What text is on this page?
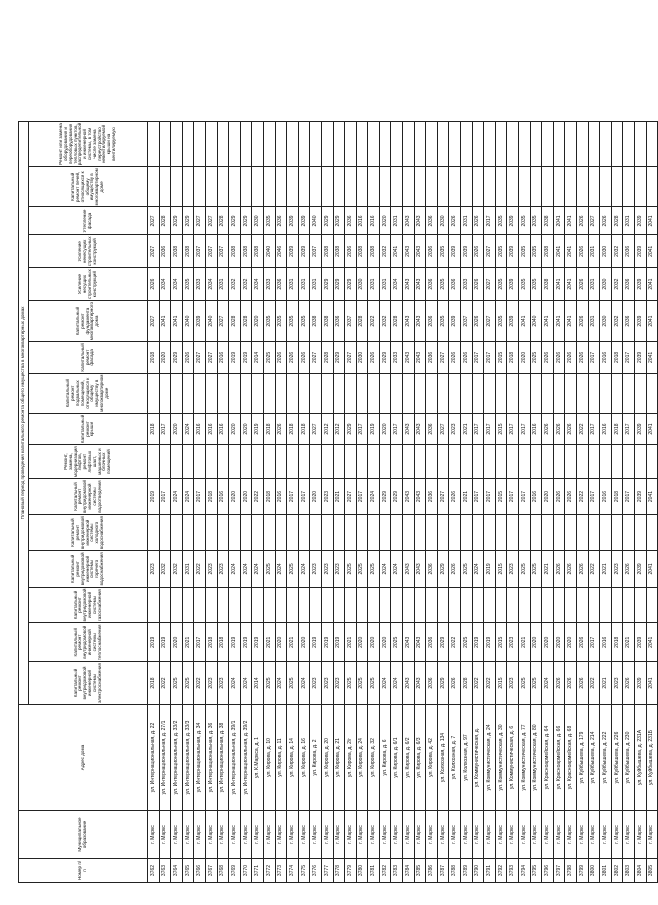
Номер п/п	Муниципальное образование	Адрес дома	Плановый период проведения капитального ремонта общего имущества в многоквартирных домах															
			Капитальный ремонт внутридомовой инженерной системы электроснабжения	Капитальный ремонт внутридомовой инженерной системы теплоснабжения	Капитальный ремонт внутридомовой инженерной системы газоснабжения	Капитальный ремонт внутридомовой инженерной системы горячего водоснабжения	Капитальный ремонт внутридомовой инженерной системы холодного водоснабжения	Капитальный ремонт внутридомовой инженерной системы водоотведения	Ремонт, замена, модернизация лифтов, ремонт лифтовых шахт, машинных и блочных помещений	Капитальный ремонт крыши	Капитальный ремонт подвальных помещений, относящихся к общему имуществу в многоквартирном доме	Капитальный ремонт фасада	Капитальный ремонт фундамента многоквартирного дома	Усиление несущих строительных конструкций	Усиление ненесущих строительных конструкций	Утепление фасада	Капитальный ремонт печей, относящихся к общему имуществу в многоквартирном доме	Ремонт или замена оборудования и переоборудования тепловых пунктов, распределительной и инженерной системы, в том числе замена переустройство невентилируемой крыши на вентилируемую
3762	г. Маркс	ул. Интернациональная, д. 22	2018	2019		2023		2019		2018		2018	2027	2026	2027	2027		
3763	г. Маркс	ул. Интернациональная, д. 27/1	2022	2019		2032		2017		2017		2020	2041	2034	2036	2028		
3764	г. Маркс	ул. Интернациональная, д. 33/2	2025	2020		2032		2024		2020		2029	2041	2034	2038	2029		
3765	г. Маркс	ул. Интернациональная, д. 33/3	2025	2021		2031		2024		2024		2026	2040	2035	2038	2029		
3766	г. Маркс	ул. Интернациональная, д. 34	2022	2017		2022		2017		2016		2027	2039	2033	2037	2027		
3767	г. Маркс	ул. Интернациональная, д. 36	2023	2018		2023		2018		2016		2027	2040	2034	2037	2027		
3768	г. Маркс	ул. Интернациональная, д. 38	2023	2018		2023		2016		2016		2016	2027	2031	2037	2028		
3769	г. Маркс	ул. Интернациональная, д. 39/1	2024	2019		2024		2020		2020		2019	2028	2032	2038	2029		
3770	г. Маркс	ул. Интернациональная, д. 39/2	2024	2019		2024		2020		2020		2019	2028	2032	2038	2029		
3771	г. Маркс	ул. К.Маркса, д. 1	2014	2019		2024		2022		2019		2014	2020	2034	2038	2030		
3772	г. Маркс	ул. Кирова, д. 10	2025	2021		2025		2018		2018		2025	2035	2033	2040	2035		
3773	г. Маркс	ул. Кирова, д. 11	2024	2020		2024		2016		2026		2026	2035	2036	2046	2036		
3774	г. Маркс	ул. Кирова, д. 14	2025	2021		2025		2017		2018		2026	2035	2031	2039	2039		
3775	г. Маркс	ул. Кирова, д. 16	2024	2020		2024		2017		2018		2026	2035	2031	2039	2039		
3776	г. Маркс	ул. Кирова, д. 2	2023	2019		2023		2020		2027		2027	2038	2031	2037	2040		
3777	г. Маркс	ул. Кирова, д. 20	2023	2019		2023		2023		2012		2028	2038	2029	2038	2029		
3778	г. Маркс	ул. Кирова, д. 21	2023	2019		2023		2021		2012		2029	2036	2029	2038	2029		
3779	г. Маркс	ул. Кирова, д. 2/г	2025	2021		2025		2027		2029		2027	2037	2029	2036	2036		
3780	г. Маркс	ул. Кирова, д. 24	2025	2020		2025		2017		2017		2030	2028	2030	2038	2016		
3781	г. Маркс	ул. Кирова, д. 32	2025	2020		2025		2024		2019		2026	2022	2031	2038	2016		
3782	г. Маркс	ул. Кирова, д. 6	2024	2020		2024		2029		2020		2029	2032	2031	2032	2020		
3783	г. Маркс	ул. Кирова, д. 6/1	2024	2025		2024		2029		2017		2033	2028	2034	2041	2031		
3784	г. Маркс	ул. Кирова, д. 6/2	2043	2043		2043		2043		2043		2043	2043	2043	2043	2043		
3785	г. Маркс	ул. Кирова, д. 6/3	2043	2043		2043		2043		2043		2043	2043	2043	2043	2043		
3786	г. Маркс	ул. Кирова, д. 42	2036	2036		2036		2036		2036		2036	2036	2036	2036	2036		
3787	г. Маркс	ул. Колхозная, д. 134	2029	2029		2029		2027		2027		2027	2035	2035	2035	2030		
3788	г. Маркс	ул. Колхозная, д. 7	2026	2022		2026		2026		2023		2026	2039	2036	2039	2026		
3789	г. Маркс	ул. Колхозная, д. 97	2028	2025		2025		2021		2021		2026	2037	2033	2039	2031		
3790	г. Маркс	ул. Коммунистическая, д.	2022	2019		2024		2017		2017		2017	2026	2026	2026	2026		
3791	г. Маркс	ул. Коммунистическая, д. 24	2022	2019		2019		2017		2017		2017	2027	2027	2027	2017		
3792	г. Маркс	ул. Коммунистическая, д. 30	2015	2015		2015		2015		2015		2015	2035	2035	2035	2035		
3793	г. Маркс	ул. Коммунистическая, д. 6	2023	2023		2023		2017		2017		2018	2039	2039	2039	2039		
3794	г. Маркс	ул. Коммунистическая, д. 77	2025	2021		2025		2017		2017		2020	2041	2035	2035	2035		
3795	г. Маркс	ул. Коммунистическая, д. 80	2025	2020		2025		2016		2016		2025	2040	2035	2035	2035		
3796	г. Маркс	ул. Красноармейская, д. 64	2024	2020		2021		2020		2026		2026	2041	2038	2038	2038		
3797	г. Маркс	ул. Красноармейская, д. 66	2026	2020		2026		2026		2026		2026	2041	2041	2041	2041		
3798	г. Маркс	ул. Красноармейская, д. 68	2026	2020		2026		2026		2026		2026	2041	2041	2041	2041		
3799	г. Маркс	ул. Куйбышева, д. 179	2026	2026		2026		2022		2022		2026	2026	2026	2026	2026		
3800	г. Маркс	ул. Куйбышева, д. 214	2022	2017		2022		2017		2017		2017	2031	2031	2031	2027		
3801	г. Маркс	ул. Куйбышева, д. 222	2021	2016		2021		2016		2016		2016	2030	2030	2030	2026		
3802	г. Маркс	ул. Куйбышева, д. 226	2023	2018		2023		2018		2018		2018	2032	2032	2032	2028		
3803	г. Маркс	ул. Куйбышева, д. 230	2026	2021		2026		2017		2017		2017	2036	2036	2036	2031		
3804	г. Маркс	ул. Куйбышева, д. 231А	2039	2039		2039		2039		2039		2039	2039	2039	2039	2039		
3805	г. Маркс	ул. Куйбышева, д. 231Б	2041	2041		2041		2041		2041		2041	2041	2041	2041	2041		
